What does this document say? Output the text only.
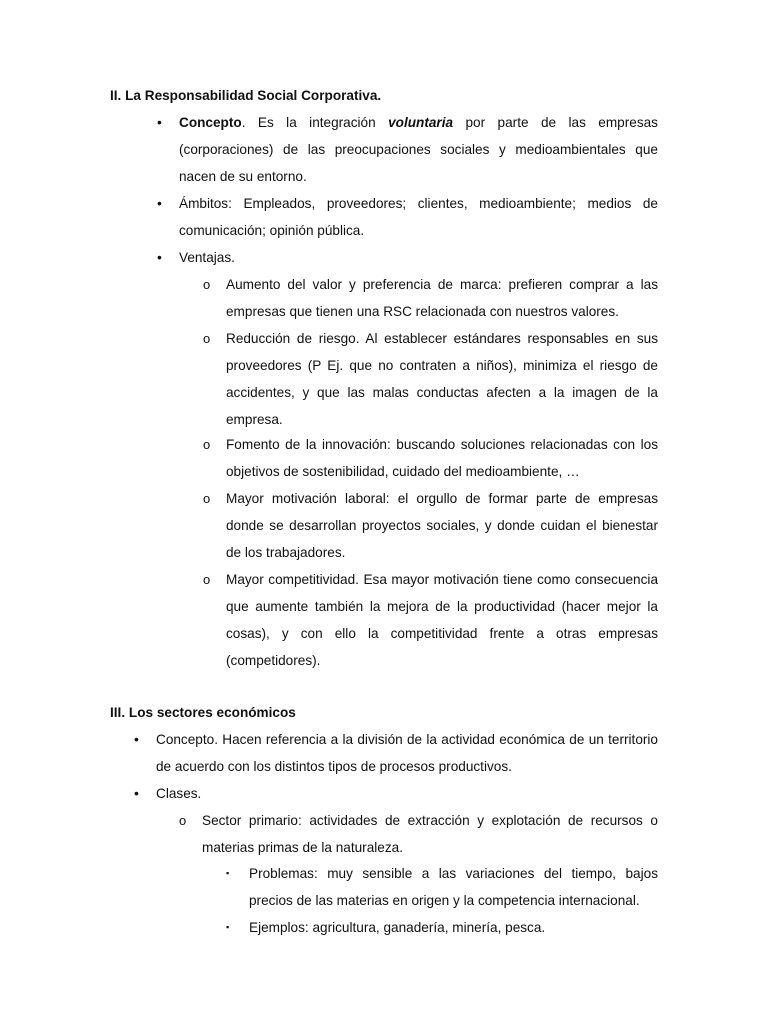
II. La Responsabilidad Social Corporativa.
• Concepto. Es la integración voluntaria por parte de las empresas (corporaciones) de las preocupaciones sociales y medioambientales que nacen de su entorno.
• Ámbitos: Empleados, proveedores; clientes, medioambiente; medios de comunicación; opinión pública.
• Ventajas.
o Aumento del valor y preferencia de marca: prefieren comprar a las empresas que tienen una RSC relacionada con nuestros valores.
o Reducción de riesgo. Al establecer estándares responsables en sus proveedores (P Ej. que no contraten a niños), minimiza el riesgo de accidentes, y que las malas conductas afecten a la imagen de la empresa.
o Fomento de la innovación: buscando soluciones relacionadas con los objetivos de sostenibilidad, cuidado del medioambiente, …
o Mayor motivación laboral: el orgullo de formar parte de empresas donde se desarrollan proyectos sociales, y donde cuidan el bienestar de los trabajadores.
o Mayor competitividad. Esa mayor motivación tiene como consecuencia que aumente también la mejora de la productividad (hacer mejor la cosas), y con ello la competitividad frente a otras empresas (competidores).
III. Los sectores económicos
• Concepto. Hacen referencia a la división de la actividad económica de un territorio de acuerdo con los distintos tipos de procesos productivos.
• Clases.
o Sector primario: actividades de extracción y explotación de recursos o materias primas de la naturaleza.
▪ Problemas: muy sensible a las variaciones del tiempo, bajos precios de las materias en origen y la competencia internacional.
▪ Ejemplos: agricultura, ganadería, minería, pesca.
